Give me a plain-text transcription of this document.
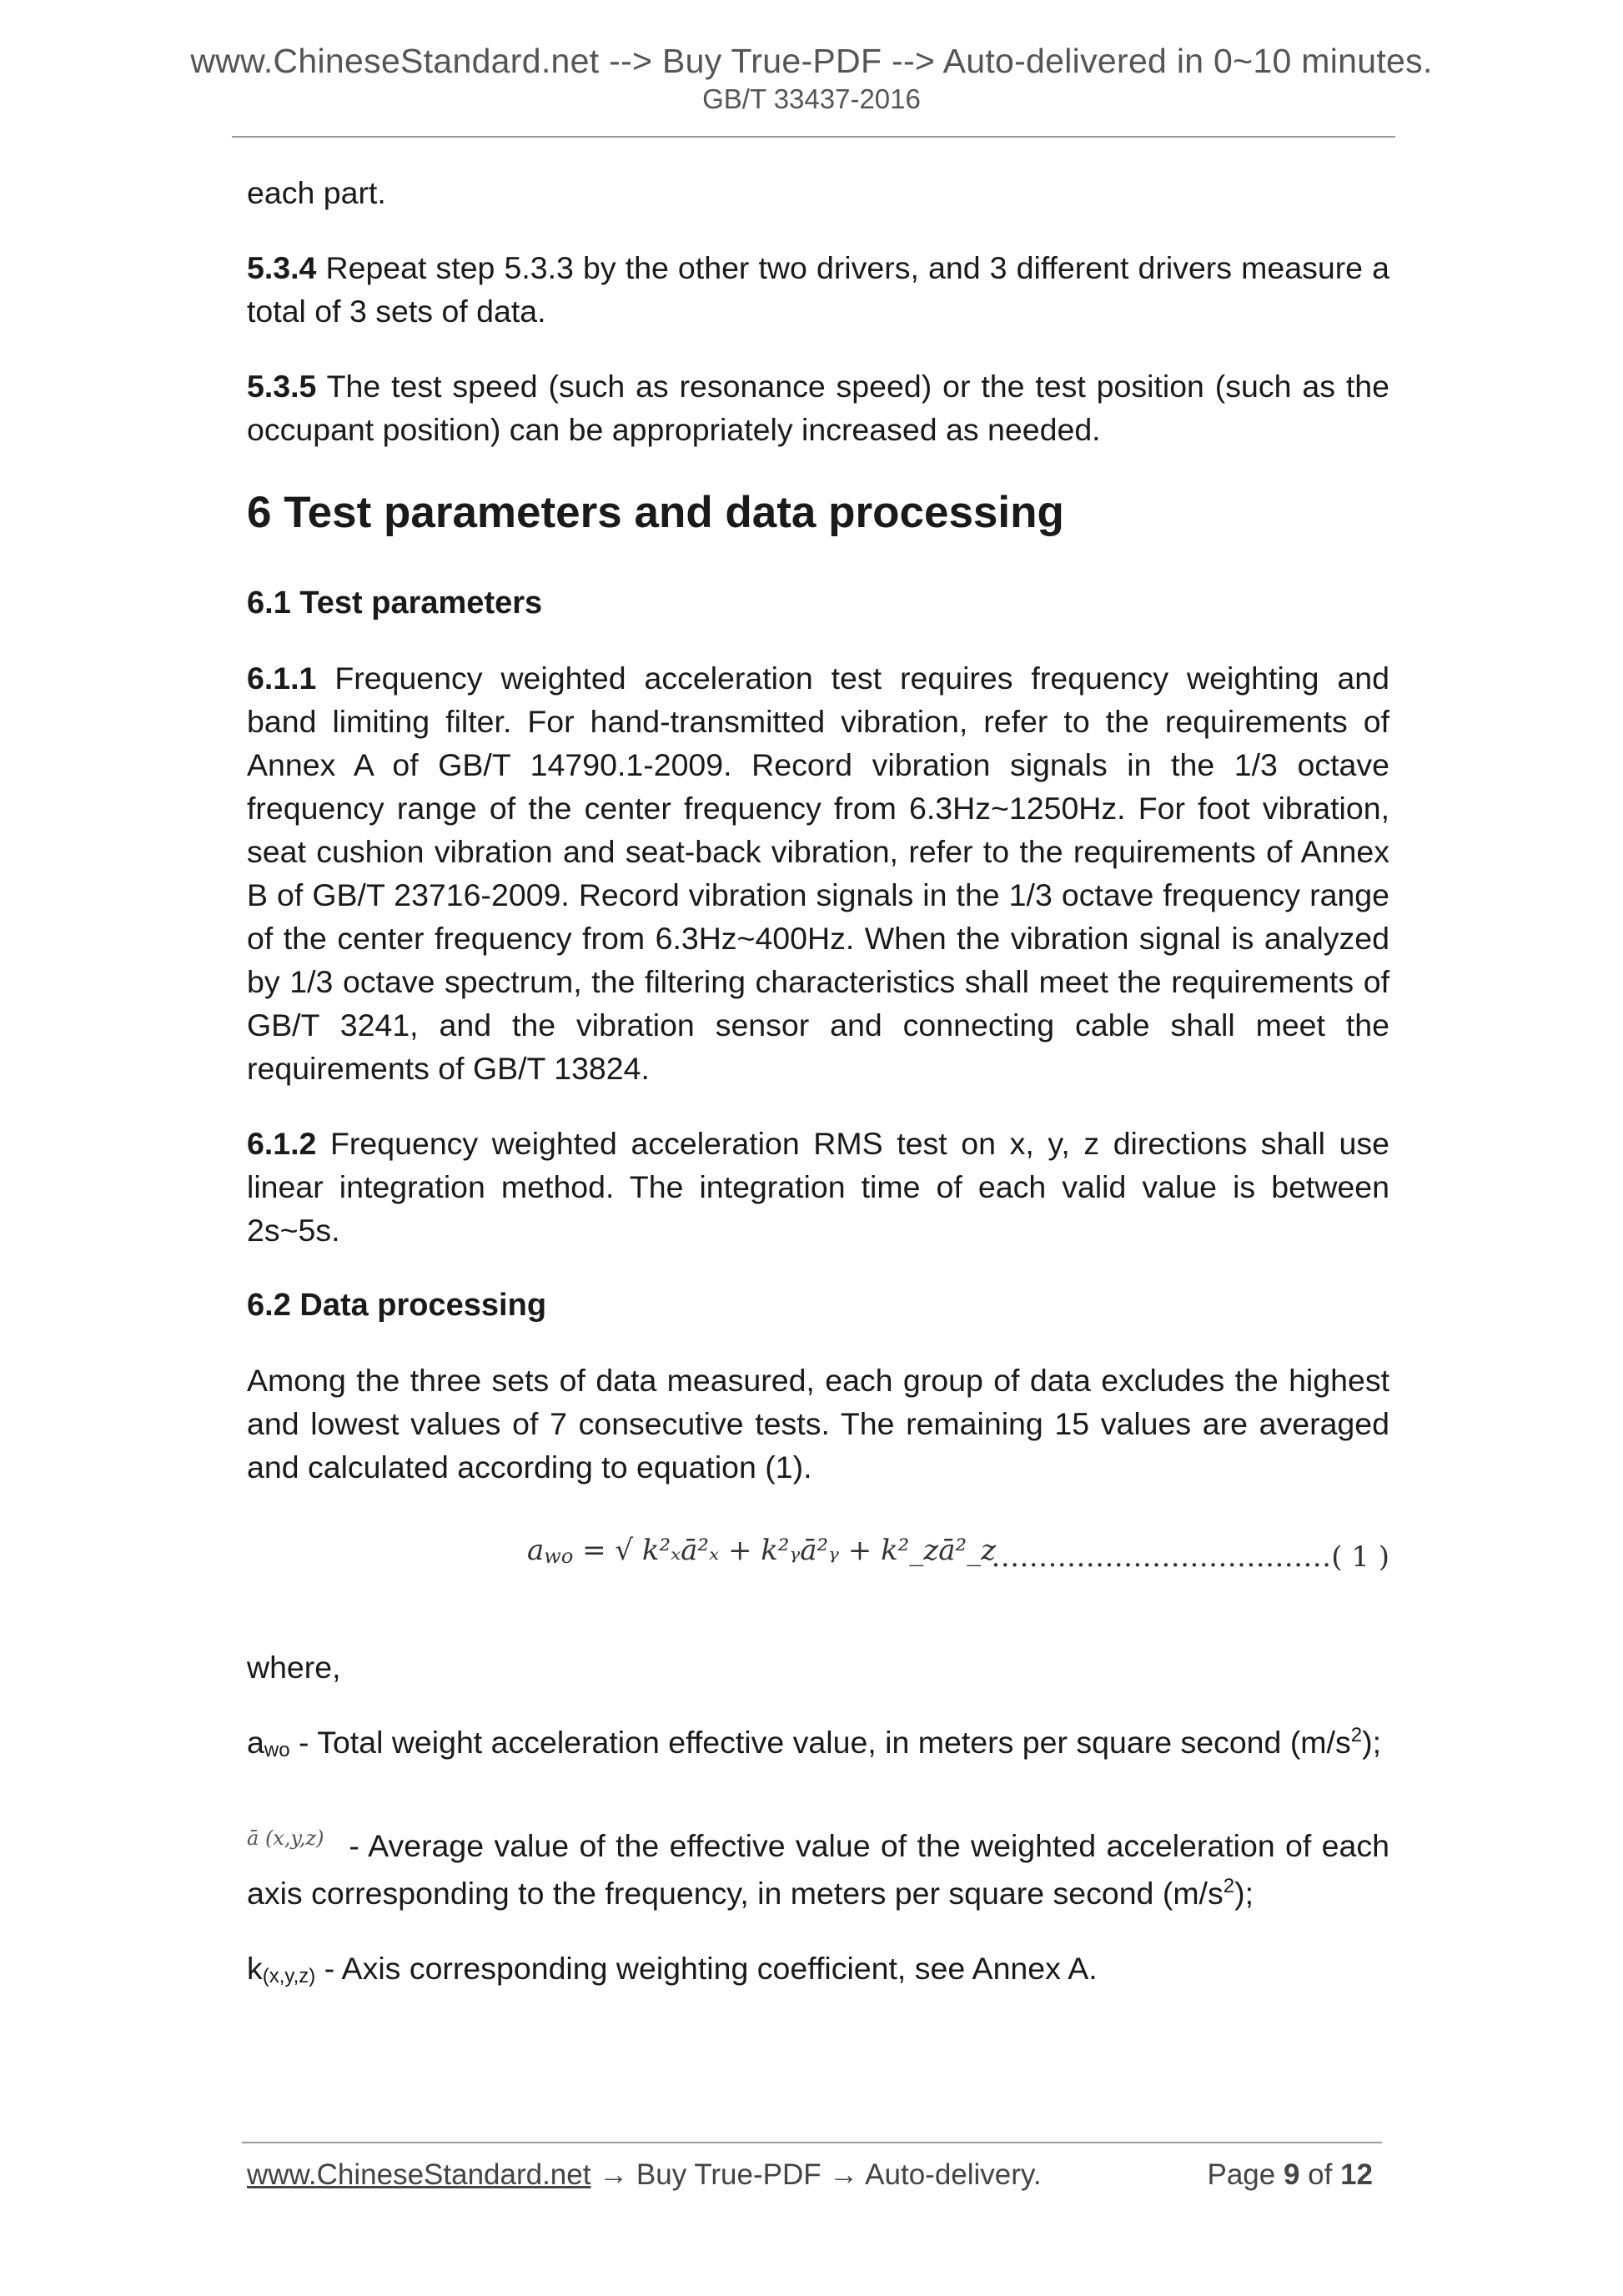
www.ChineseStandard.net --> Buy True-PDF --> Auto-delivered in 0~10 minutes.
GB/T 33437-2016

each part.

5.3.4 Repeat step 5.3.3 by the other two drivers, and 3 different drivers measure a total of 3 sets of data.

5.3.5 The test speed (such as resonance speed) or the test position (such as the occupant position) can be appropriately increased as needed.

6 Test parameters and data processing
6.1 Test parameters

6.1.1 Frequency weighted acceleration test requires frequency weighting and band limiting filter. For hand-transmitted vibration, refer to the requirements of Annex A of GB/T 14790.1-2009. Record vibration signals in the 1/3 octave frequency range of the center frequency from 6.3Hz~1250Hz. For foot vibration, seat cushion vibration and seat-back vibration, refer to the requirements of Annex B of GB/T 23716-2009. Record vibration signals in the 1/3 octave frequency range of the center frequency from 6.3Hz~400Hz. When the vibration signal is analyzed by 1/3 octave spectrum, the filtering characteristics shall meet the requirements of GB/T 3241, and the vibration sensor and connecting cable shall meet the requirements of GB/T 13824.

6.1.2 Frequency weighted acceleration RMS test on x, y, z directions shall use linear integration method. The integration time of each valid value is between 2s~5s.

6.2 Data processing

Among the three sets of data measured, each group of data excludes the highest and lowest values of 7 consecutive tests. The remaining 15 values are averaged and calculated according to equation (1).

$a_{wo}$ = √ k²ₓā²ₓ + k²ᵧā²ᵧ + k²_zā²_z
………………………………( 1 )

where,

$a_{wo}$ - Total weight acceleration effective value, in meters per square second $(m/s^2)$;

ā (x,y,z) - Average value of the effective value of the weighted acceleration of each axis corresponding to the frequency, in meters per square second $(m/s^2)$;

$k_{(x,y,z)}$ - Axis corresponding weighting coefficient, see Annex A.

www.ChineseStandard.net → Buy True-PDF → Auto-delivery.	Page 9 of 12
